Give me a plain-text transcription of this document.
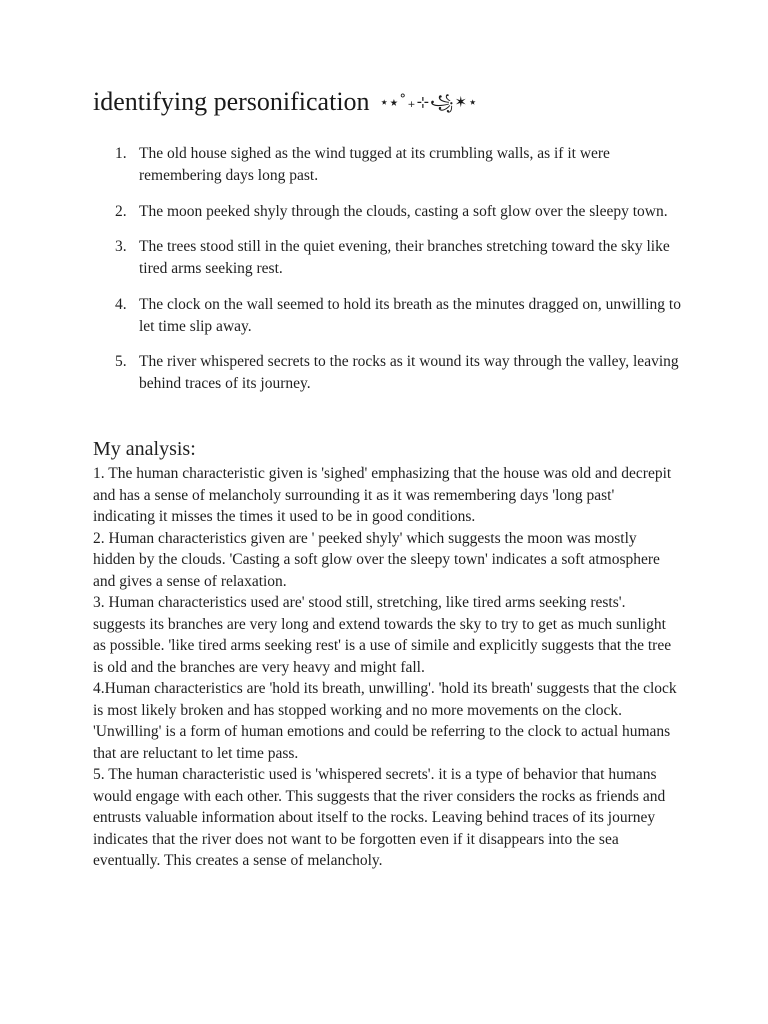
identifying personification ⋆⭑˚₊⊹꧁✶⋆
1. The old house sighed as the wind tugged at its crumbling walls, as if it were remembering days long past.
2. The moon peeked shyly through the clouds, casting a soft glow over the sleepy town.
3. The trees stood still in the quiet evening, their branches stretching toward the sky like tired arms seeking rest.
4. The clock on the wall seemed to hold its breath as the minutes dragged on, unwilling to let time slip away.
5. The river whispered secrets to the rocks as it wound its way through the valley, leaving behind traces of its journey.
My analysis:

1. The human characteristic given is 'sighed' emphasizing that the house was old and decrepit and has a sense of melancholy surrounding it as it was remembering days 'long past' indicating it misses the times it used to be in good conditions.

2. Human characteristics given are ' peeked shyly' which suggests the moon was mostly hidden by the clouds. 'Casting a soft glow over the sleepy town' indicates a soft atmosphere and gives a sense of relaxation.

3. Human characteristics used are' stood still, stretching, like tired arms seeking rests'. suggests its branches are very long and extend towards the sky to try to get as much sunlight as possible. 'like tired arms seeking rest' is a use of simile and explicitly suggests that the tree is old and the branches are very heavy and might fall.

4.Human characteristics are 'hold its breath, unwilling'. 'hold its breath' suggests that the clock is most likely broken and has stopped working and no more movements on the clock. 'Unwilling' is a form of human emotions and could be referring to the clock to actual humans that are reluctant to let time pass.

5. The human characteristic used is 'whispered secrets'. it is a type of behavior that humans would engage with each other. This suggests that the river considers the rocks as friends and entrusts valuable information about itself to the rocks. Leaving behind traces of its journey indicates that the river does not want to be forgotten even if it disappears into the sea eventually. This creates a sense of melancholy.
